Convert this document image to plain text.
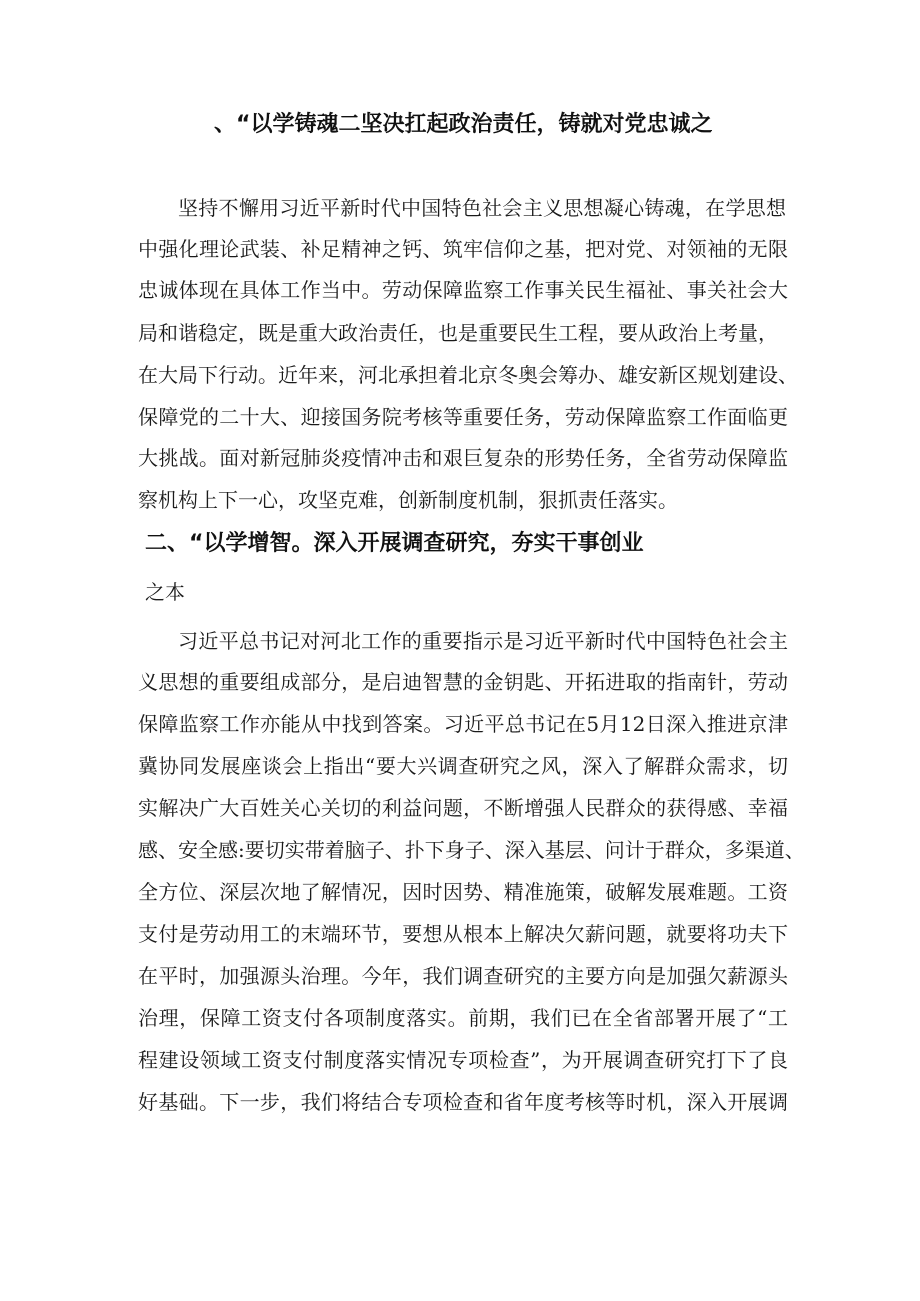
、“以学铸魂二坚决扛起政治责任，铸就对党忠诚之
坚持不懈用习近平新时代中国特色社会主义思想凝心铸魂，在学思想
中强化理论武装、补足精神之钙、筑牢信仰之基，把对党、对领袖的无限
忠诚体现在具体工作当中。劳动保障监察工作事关民生福祉、事关社会大
局和谐稳定，既是重大政治责任，也是重要民生工程，要从政治上考量，
在大局下行动。近年来，河北承担着北京冬奥会筹办、雄安新区规划建设、
保障党的二十大、迎接国务院考核等重要任务，劳动保障监察工作面临更
大挑战。面对新冠肺炎疫情冲击和艰巨复杂的形势任务，全省劳动保障监
察机构上下一心，攻坚克难，创新制度机制，狠抓责任落实。
二、“以学增智。深入开展调查研究，夯实干事创业
之本
习近平总书记对河北工作的重要指示是习近平新时代中国特色社会主
义思想的重要组成部分，是启迪智慧的金钥匙、开拓进取的指南针，劳动
保障监察工作亦能从中找到答案。习近平总书记在5月12日深入推进京津
冀协同发展座谈会上指出“要大兴调查研究之风，深入了解群众需求，切
实解决广大百姓关心关切的利益问题，不断增强人民群众的获得感、幸福
感、安全感:要切实带着脑子、扑下身子、深入基层、问计于群众，多渠道、
全方位、深层次地了解情况，因时因势、精准施策，破解发展难题。工资
支付是劳动用工的末端环节，要想从根本上解决欠薪问题，就要将功夫下
在平时，加强源头治理。今年，我们调查研究的主要方向是加强欠薪源头
治理，保障工资支付各项制度落实。前期，我们已在全省部署开展了“工
程建设领域工资支付制度落实情况专项检查”，为开展调查研究打下了良
好基础。下一步，我们将结合专项检查和省年度考核等时机，深入开展调
